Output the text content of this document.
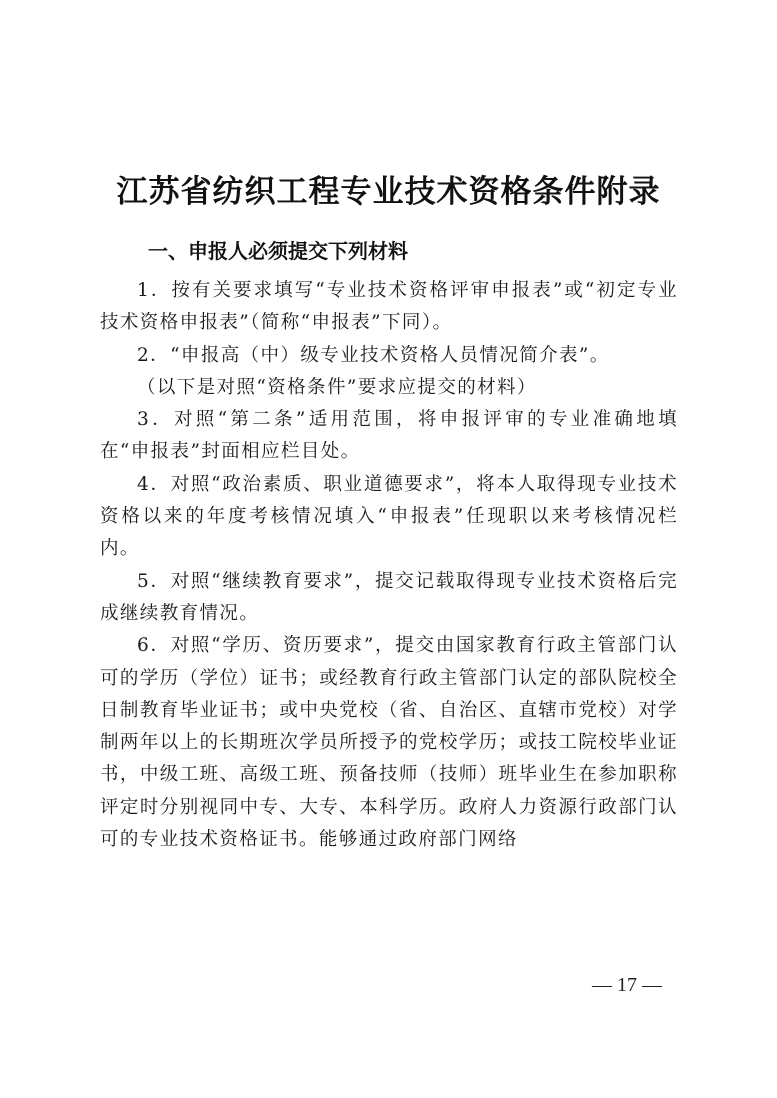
江苏省纺织工程专业技术资格条件附录
一、申报人必须提交下列材料

1．按有关要求填写“专业技术资格评审申报表”或“初定专业技术资格申报表”（简称“申报表”下同）。

2．“申报高（中）级专业技术资格人员情况简介表”。

（以下是对照“资格条件”要求应提交的材料）

3．对照“第二条”适用范围，将申报评审的专业准确地填在“申报表”封面相应栏目处。

4．对照“政治素质、职业道德要求”，将本人取得现专业技术资格以来的年度考核情况填入“申报表”任现职以来考核情况栏内。

5．对照“继续教育要求”，提交记载取得现专业技术资格后完成继续教育情况。

6．对照“学历、资历要求”，提交由国家教育行政主管部门认可的学历（学位）证书；或经教育行政主管部门认定的部队院校全日制教育毕业证书；或中央党校（省、自治区、直辖市党校）对学制两年以上的长期班次学员所授予的党校学历；或技工院校毕业证书，中级工班、高级工班、预备技师（技师）班毕业生在参加职称评定时分别视同中专、大专、本科学历。政府人力资源行政部门认可的专业技术资格证书。能够通过政府部门网络

— 17 —
